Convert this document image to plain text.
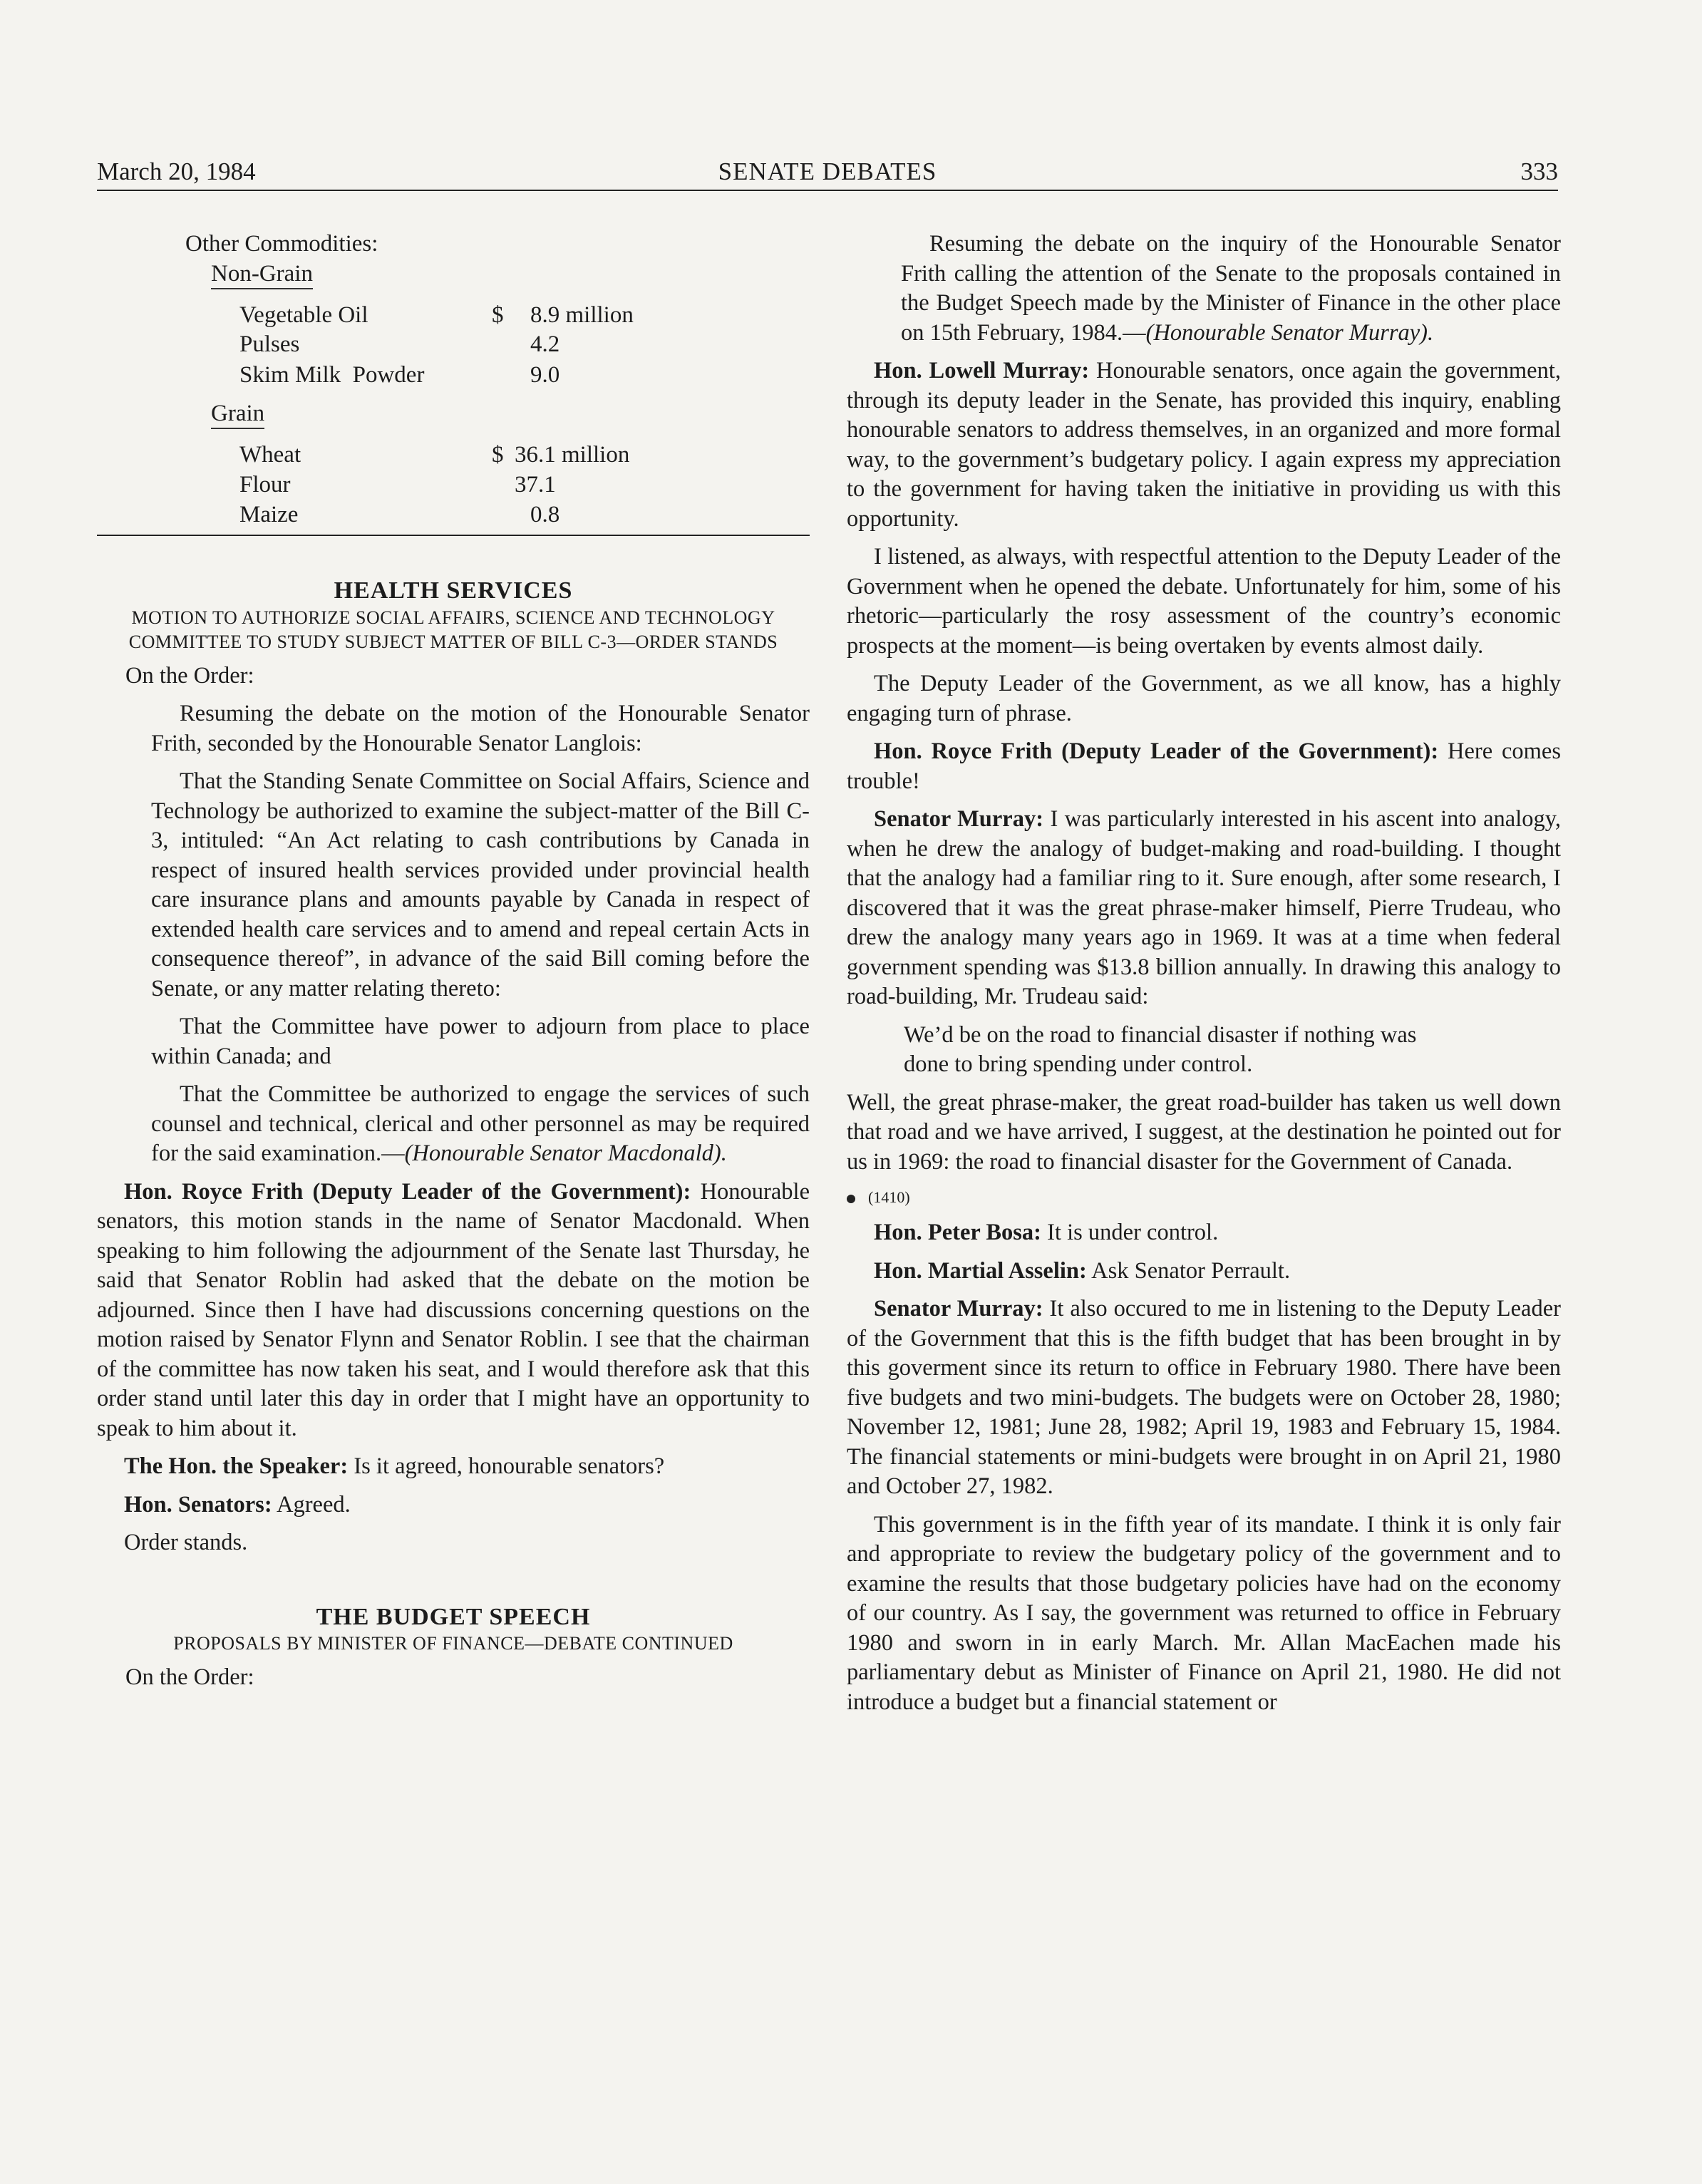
March 20, 1984	SENATE DEBATES	333
Other Commodities:
Non-Grain
Vegetable Oil	$ 8.9 million
Pulses	4.2
Skim Milk  Powder	9.0
Grain
Wheat	$ 36.1 million
Flour	37.1
Maize	0.8

HEALTH SERVICES

MOTION TO AUTHORIZE SOCIAL AFFAIRS, SCIENCE AND TECHNOLOGY COMMITTEE TO STUDY SUBJECT MATTER OF BILL C-3—ORDER STANDS

On the Order:

Resuming the debate on the motion of the Honourable Senator Frith, seconded by the Honourable Senator Langlois:

That the Standing Senate Committee on Social Affairs, Science and Technology be authorized to examine the subject-matter of the Bill C-3, intituled: “An Act relating to cash contributions by Canada in respect of insured health services provided under provincial health care insurance plans and amounts payable by Canada in respect of extended health care services and to amend and repeal certain Acts in consequence thereof”, in advance of the said Bill coming before the Senate, or any matter relating thereto:

That the Committee have power to adjourn from place to place within Canada; and

That the Committee be authorized to engage the services of such counsel and technical, clerical and other personnel as may be required for the said examination.—(Honourable Senator Macdonald).

Hon. Royce Frith (Deputy Leader of the Government): Honourable senators, this motion stands in the name of Senator Macdonald. When speaking to him following the adjournment of the Senate last Thursday, he said that Senator Roblin had asked that the debate on the motion be adjourned. Since then I have had discussions concerning questions on the motion raised by Senator Flynn and Senator Roblin. I see that the chairman of the committee has now taken his seat, and I would therefore ask that this order stand until later this day in order that I might have an opportunity to speak to him about it.

The Hon. the Speaker: Is it agreed, honourable senators?

Hon. Senators: Agreed.

Order stands.

THE BUDGET SPEECH

PROPOSALS BY MINISTER OF FINANCE—DEBATE CONTINUED

On the Order:

Resuming the debate on the inquiry of the Honourable Senator Frith calling the attention of the Senate to the proposals contained in the Budget Speech made by the Minister of Finance in the other place on 15th February, 1984.—(Honourable Senator Murray).

Hon. Lowell Murray: Honourable senators, once again the government, through its deputy leader in the Senate, has provided this inquiry, enabling honourable senators to address themselves, in an organized and more formal way, to the government’s budgetary policy. I again express my appreciation to the government for having taken the initiative in providing us with this opportunity.

I listened, as always, with respectful attention to the Deputy Leader of the Government when he opened the debate. Unfortunately for him, some of his rhetoric—particularly the rosy assessment of the country’s economic prospects at the moment—is being overtaken by events almost daily.

The Deputy Leader of the Government, as we all know, has a highly engaging turn of phrase.

Hon. Royce Frith (Deputy Leader of the Government): Here comes trouble!

Senator Murray: I was particularly interested in his ascent into analogy, when he drew the analogy of budget-making and road-building. I thought that the analogy had a familiar ring to it. Sure enough, after some research, I discovered that it was the great phrase-maker himself, Pierre Trudeau, who drew the analogy many years ago in 1969. It was at a time when federal government spending was $13.8 billion annually. In drawing this analogy to road-building, Mr. Trudeau said:

We’d be on the road to financial disaster if nothing was
done to bring spending under control.

Well, the great phrase-maker, the great road-builder has taken us well down that road and we have arrived, I suggest, at the destination he pointed out for us in 1969: the road to financial disaster for the Government of Canada.

(1410)

Hon. Peter Bosa: It is under control.

Hon. Martial Asselin: Ask Senator Perrault.

Senator Murray: It also occured to me in listening to the Deputy Leader of the Government that this is the fifth budget that has been brought in by this goverment since its return to office in February 1980. There have been five budgets and two mini-budgets. The budgets were on October 28, 1980; November 12, 1981; June 28, 1982; April 19, 1983 and February 15, 1984. The financial statements or mini-budgets were brought in on April 21, 1980 and October 27, 1982.

This government is in the fifth year of its mandate. I think it is only fair and appropriate to review the budgetary policy of the government and to examine the results that those budgetary policies have had on the economy of our country. As I say, the government was returned to office in February 1980 and sworn in in early March. Mr. Allan MacEachen made his parliamentary debut as Minister of Finance on April 21, 1980. He did not introduce a budget but a financial statement or
